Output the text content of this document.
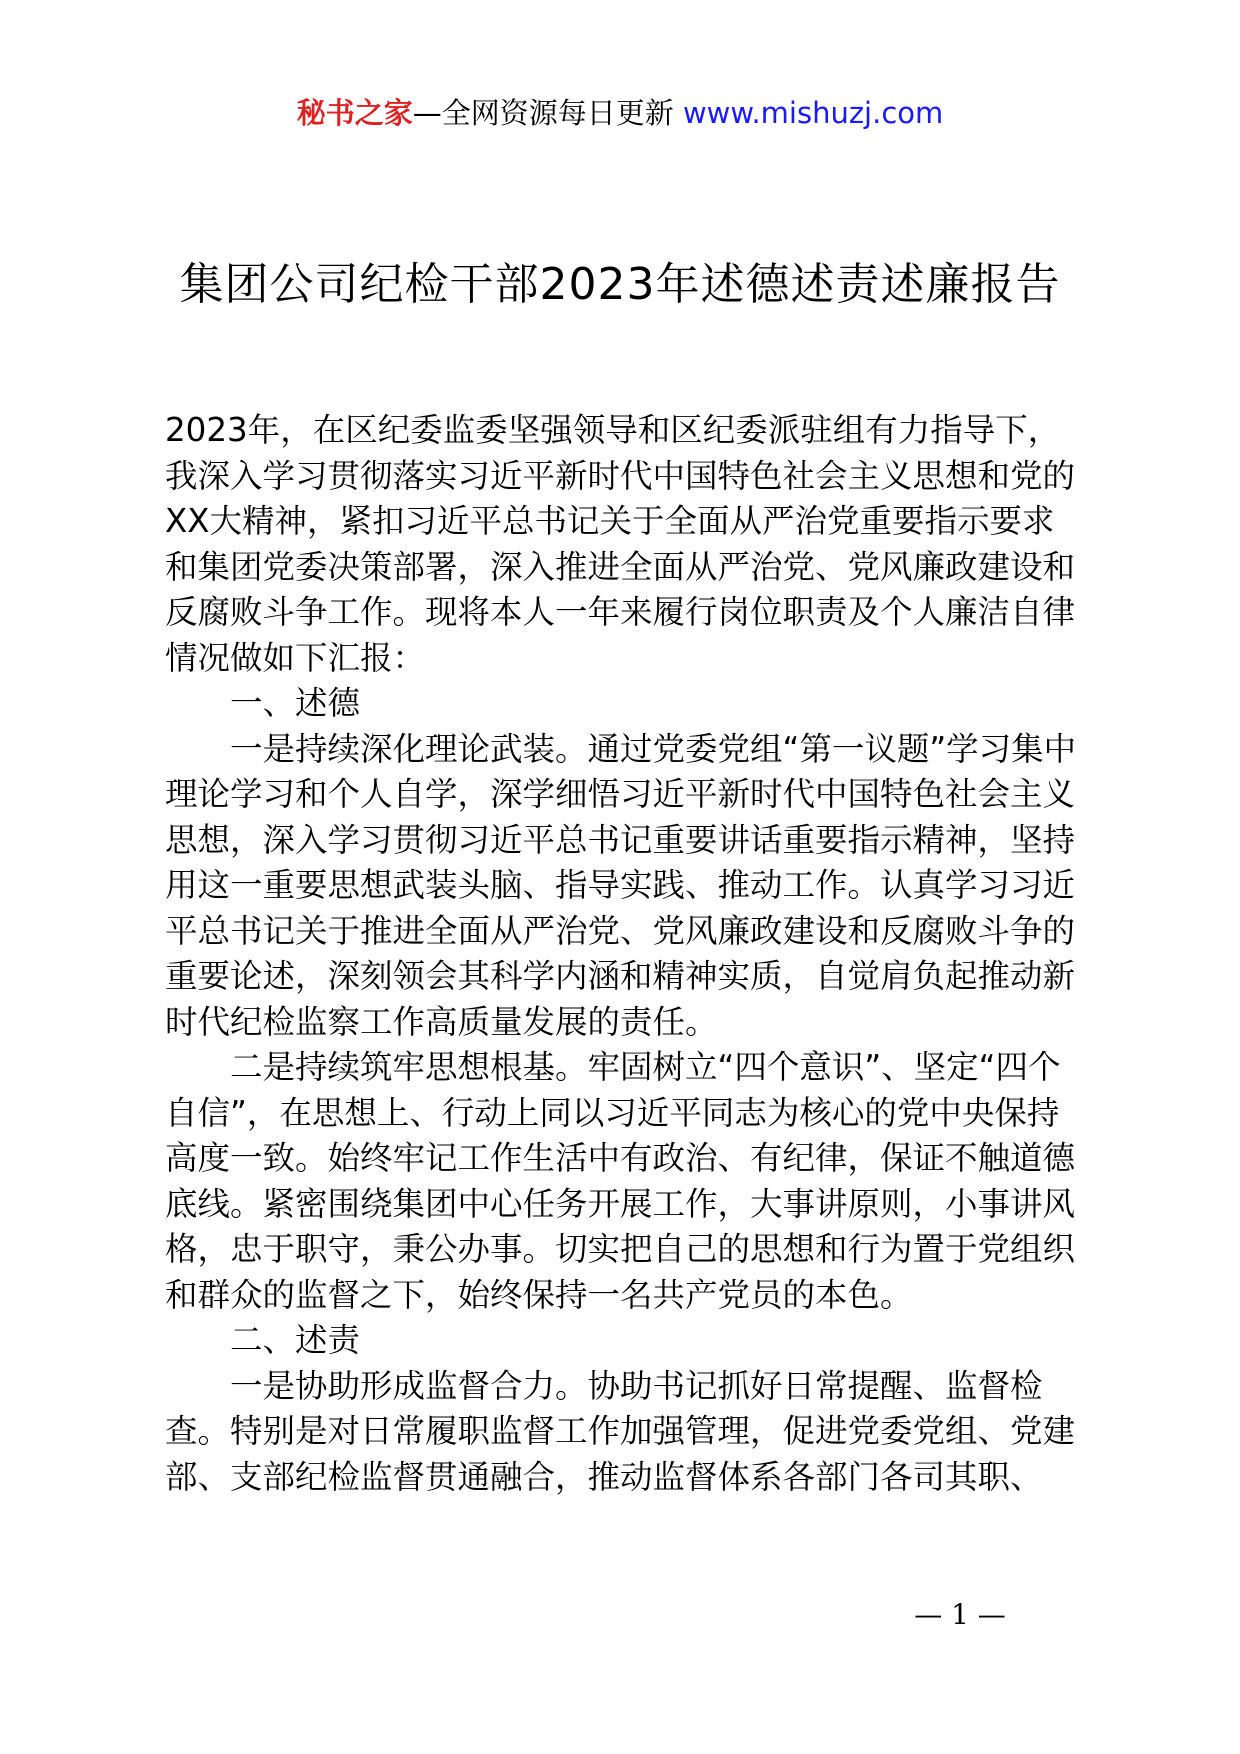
秘书之家—全网资源每日更新 www.mishuzj.com
集团公司纪检干部2023年述德述责述廉报告

2023年，在区纪委监委坚强领导和区纪委派驻组有力指导下，我深入学习贯彻落实习近平新时代中国特色社会主义思想和党的XX大精神，紧扣习近平总书记关于全面从严治党重要指示要求和集团党委决策部署，深入推进全面从严治党、党风廉政建设和反腐败斗争工作。现将本人一年来履行岗位职责及个人廉洁自律情况做如下汇报：

一、述德

一是持续深化理论武装。通过党委党组“第一议题”学习集中理论学习和个人自学，深学细悟习近平新时代中国特色社会主义思想，深入学习贯彻习近平总书记重要讲话重要指示精神，坚持用这一重要思想武装头脑、指导实践、推动工作。认真学习习近平总书记关于推进全面从严治党、党风廉政建设和反腐败斗争的重要论述，深刻领会其科学内涵和精神实质，自觉肩负起推动新时代纪检监察工作高质量发展的责任。

二是持续筑牢思想根基。牢固树立“四个意识”、坚定“四个自信”，在思想上、行动上同以习近平同志为核心的党中央保持高度一致。始终牢记工作生活中有政治、有纪律，保证不触道德底线。紧密围绕集团中心任务开展工作，大事讲原则，小事讲风格，忠于职守，秉公办事。切实把自己的思想和行为置于党组织和群众的监督之下，始终保持一名共产党员的本色。

二、述责

一是协助形成监督合力。协助书记抓好日常提醒、监督检查。特别是对日常履职监督工作加强管理，促进党委党组、党建部、支部纪检监督贯通融合，推动监督体系各部门各司其职、

— 1 —
